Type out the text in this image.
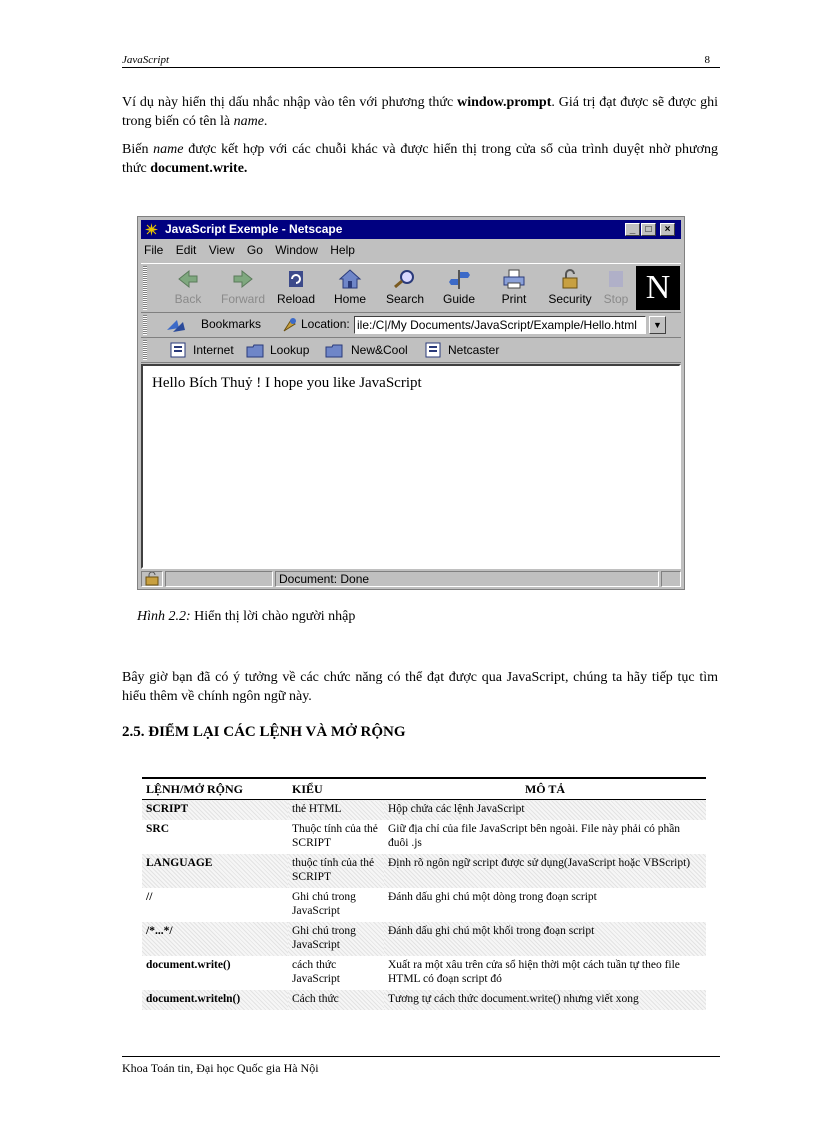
JavaScript	8
Ví dụ này hiển thị dấu nhắc nhập vào tên với phương thức window.prompt. Giá trị đạt được sẽ được ghi trong biến có tên là name.
Biến name được kết hợp với các chuỗi khác và được hiển thị trong cửa sổ của trình duyệt nhờ phương thức document.write.
JavaScript Exemple - Netscape	_	□	×
File Edit View Go Window Help
Back	Forward Reload	Home	Search	Guide	Print	Security Stop N
Bookmarks	Location: ile:/C|/My Documents/JavaScript/Example/Hello.html	▼
Internet	Lookup	New&Cool	Netcaster
Hello Bích Thuỷ ! I hope you like JavaScript
Document: Done
Hình 2.2: Hiển thị lời chào người nhập
Bây giờ bạn đã có ý tưởng về các chức năng có thể đạt được qua JavaScript, chúng ta hãy tiếp tục tìm hiểu thêm về chính ngôn ngữ này.
2.5. ĐIỂM LẠI CÁC LỆNH VÀ MỞ RỘNG
LỆNH/MỞ RỘNG	KIỂU	MÔ TẢ
SCRIPT	thẻ HTML	Hộp chứa các lệnh JavaScript
SRC	Thuộc tính của thẻ SCRIPT	Giữ địa chỉ của file JavaScript bên ngoài. File này phải có phần đuôi .js
LANGUAGE	thuộc tính của thẻ SCRIPT	Định rõ ngôn ngữ script được sử dụng(JavaScript hoặc VBScript)
//	Ghi chú trong JavaScript	Đánh dấu ghi chú một dòng trong đoạn script
/*...*/	Ghi chú trong JavaScript	Đánh dấu ghi chú một khối trong đoạn script
document.write()	cách thức JavaScript	Xuất ra một xâu trên cửa sổ hiện thời một cách tuần tự theo file HTML có đoạn script đó
document.writeln()	Cách thức	Tương tự cách thức document.write() nhưng viết xong
Khoa Toán tin, Đại học Quốc gia Hà Nội
